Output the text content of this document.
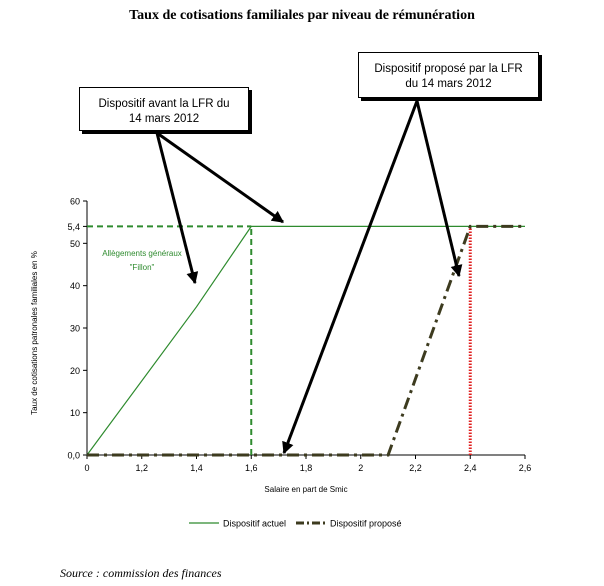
Taux de cotisations familiales par niveau de rémunération
Dispositif avant la LFR du
14 mars 2012
Dispositif proposé par la LFR
du 14 mars 2012
0,0
10
20
30
40
50
5,4
60
0	1,2	1,4	1,6	1,8	2	2,2	2,4	2,6
Salaire en part de Smic
Taux de cotisations patronales familiales en %	Allègements généraux
"Fillon"
Dispositif actuel	Dispositif proposé
Source : commission des finances
